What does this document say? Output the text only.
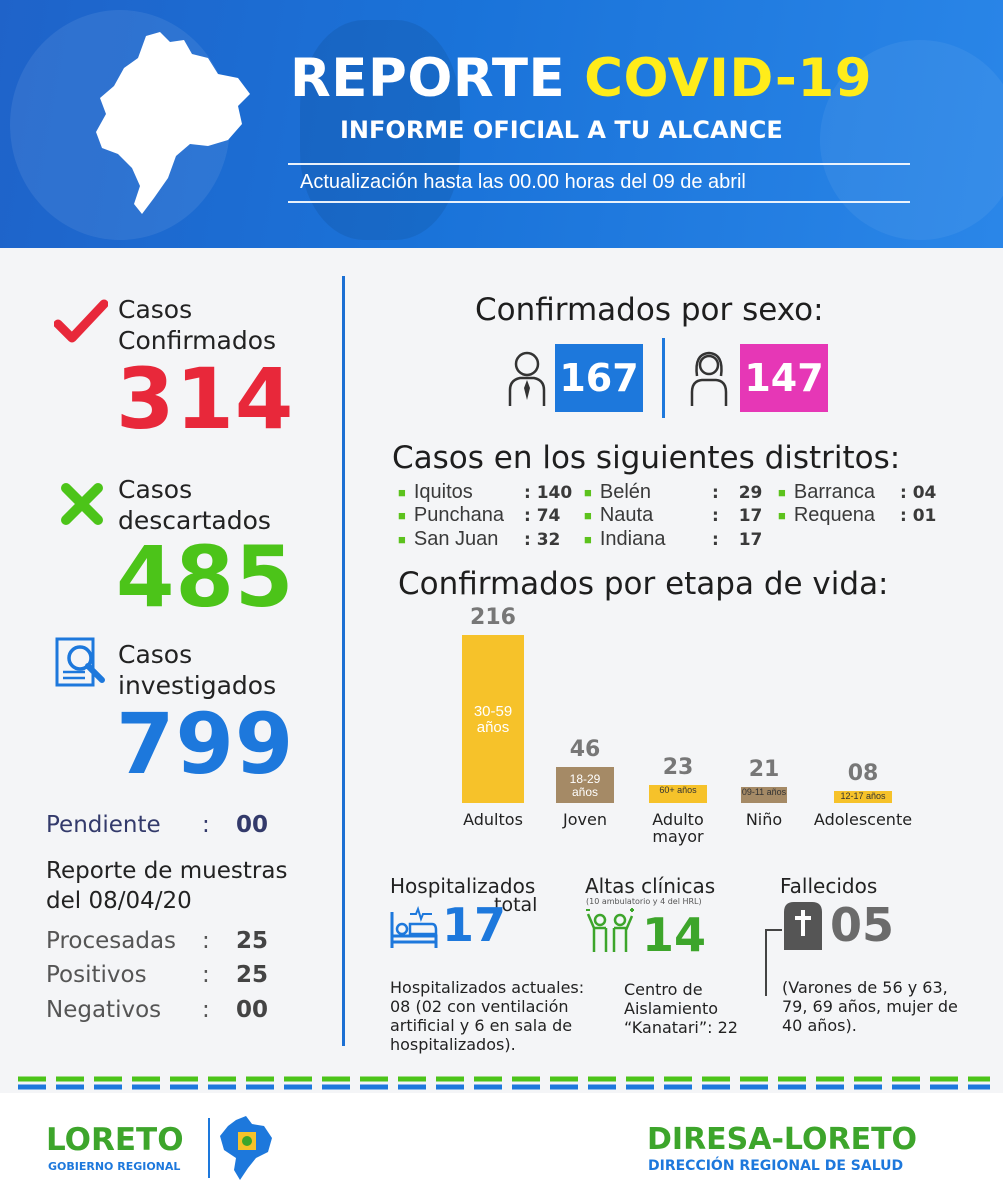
REPORTE COVID-19
INFORME OFICIAL A TU ALCANCE
Actualización hasta las 00.00 horas del 09 de abril
Casos
Confirmados
314
Casos
descartados
485
Casos
investigados
799
Pendiente : 00
Reporte de muestras
del 08/04/20
Procesadas : 25
Positivos : 25
Negativos : 00
Confirmados por sexo:
167	147
Casos en los siguientes distritos:
■ Iquitos	: 140
■ Punchana : 74
■ San Juan : 32
■ Belén	: 29
■ Nauta	: 17
■ Indiana	: 17
■ Barranca : 04
■ Requena : 01
Confirmados por etapa de vida:
30-59 años
216
Adultos
18-29 años
46
Joven
60+ años
23
Adulto mayor
09-11 años
21
Niño
12-17 años
08
Adolescente
Hospitalizados
total
17
Hospitalizados actuales: 08 (02 con ventilación artificial y 6 en sala de hospitalizados).
Altas clínicas
(10 ambulatorio y 4 del HRL)
14
Centro de Aislamiento “Kanatari”: 22
Fallecidos
05
(Varones de 56 y 63, 79, 69 años, mujer de 40 años).
LORETO
GOBIERNO REGIONAL
DIRESA-LORETO
DIRECCIÓN REGIONAL DE SALUD
